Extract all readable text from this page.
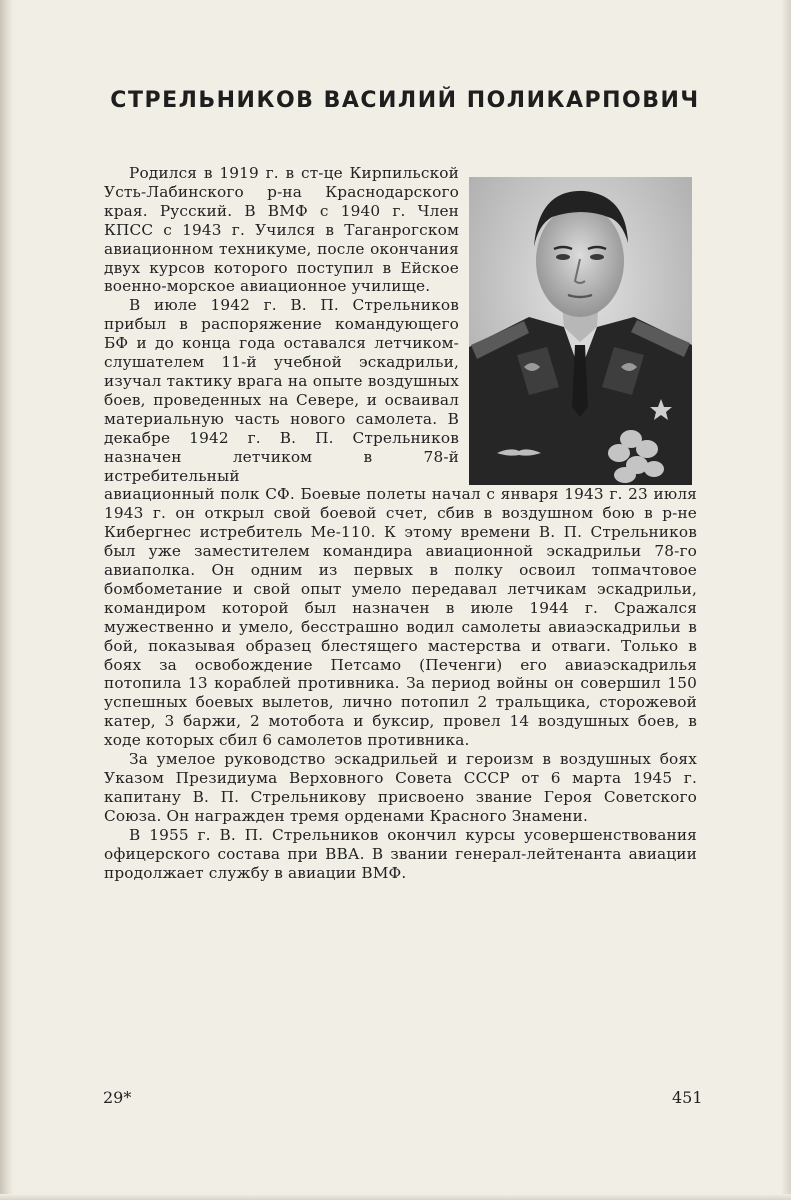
СТРЕЛЬНИКОВ ВАСИЛИЙ ПОЛИКАРПОВИЧ

Родился в 1919 г. в ст-це Кирпильской Усть-Лабинского р-на Краснодарского края. Русский. В ВМФ с 1940 г. Член КПСС с 1943 г. Учился в Таганрогском авиационном техникуме, после окончания двух курсов которого поступил в Ейское военно-морское авиационное училище.

В июле 1942 г. В. П. Стрельников прибыл в распоряжение командующего БФ и до конца года оставался летчиком-слушателем 11-й учебной эскадрильи, изучал тактику врага на опыте воздушных боев, проведенных на Севере, и осваивал материальную часть нового самолета. В декабре 1942 г. В. П. Стрельников назначен летчиком в 78-й истребительный

авиационный полк СФ. Боевые полеты начал с января 1943 г. 23 июля 1943 г. он открыл свой боевой счет, сбив в воздушном бою в р-не Кибергнес истребитель Ме-110. К этому времени В. П. Стрельников был уже заместителем командира авиационной эскадрильи 78-го авиаполка. Он одним из первых в полку освоил топмачтовое бомбометание и свой опыт умело передавал летчикам эскадрильи, командиром которой был назначен в июле 1944 г. Сражался мужественно и умело, бесстрашно водил самолеты авиаэскадрильи в бой, показывая образец блестящего мастерства и отваги. Только в боях за освобождение Петсамо (Печенги) его авиаэскадрилья потопила 13 кораблей противника. За период войны он совершил 150 успешных боевых вылетов, лично потопил 2 тральщика, сторожевой катер, 3 баржи, 2 мотобота и буксир, провел 14 воздушных боев, в ходе которых сбил 6 самолетов противника.

За умелое руководство эскадрильей и героизм в воздушных боях Указом Президиума Верховного Совета СССР от 6 марта 1945 г. капитану В. П. Стрельникову присвоено звание Героя Советского Союза. Он награжден тремя орденами Красного Знамени.

В 1955 г. В. П. Стрельников окончил курсы усовершенствования офицерского состава при ВВА. В звании генерал-лейтенанта авиации продолжает службу в авиации ВМФ.

29*	451
